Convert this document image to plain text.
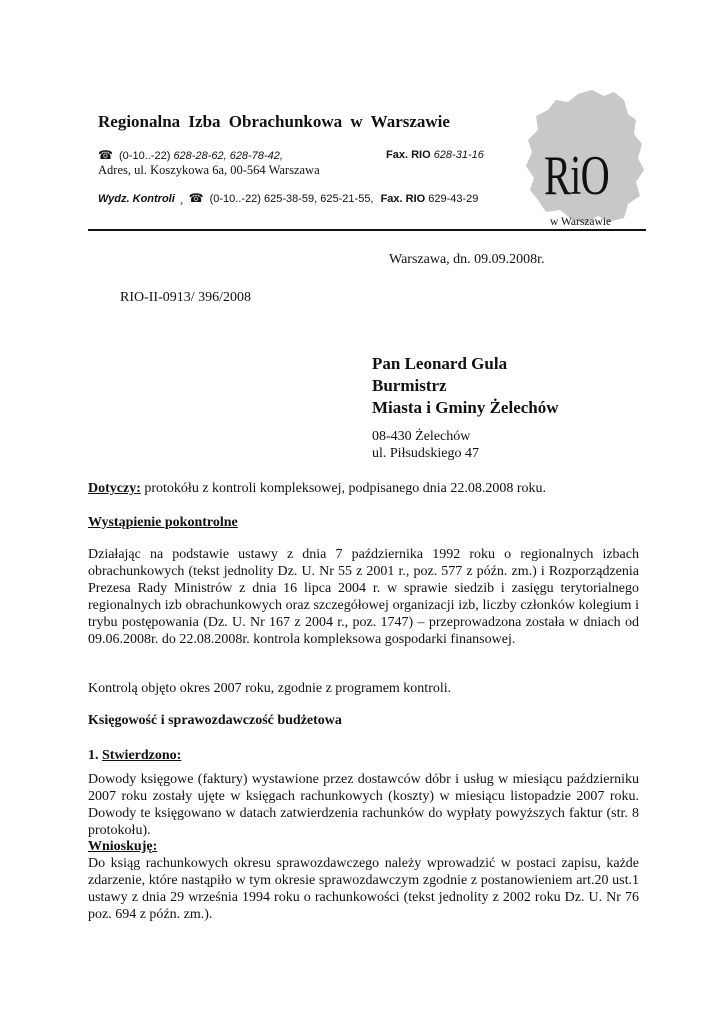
Regionalna Izba Obrachunkowa w Warszawie
☎ (0-10..-22) 628-28-62, 628-78-42,	Fax. RIO 628-31-16
Adres, ul. Koszykowa 6a, 00-564 Warszawa
Wydz. Kontroli ¸ ☎ (0-10..-22) 625-38-59, 625-21-55, Fax. RIO 629-43-29 RiO
w Warszawie
Warszawa, dn. 09.09.2008r.
RIO-II-0913/ 396/2008
Pan Leonard Gula
Burmistrz
Miasta i Gminy Żelechów
08-430 Żelechów
ul. Piłsudskiego 47
Dotyczy: protokółu z kontroli kompleksowej, podpisanego dnia 22.08.2008 roku.
Wystąpienie pokontrolne
Działając na podstawie ustawy z dnia 7 października 1992 roku o regionalnych izbach obrachunkowych (tekst jednolity Dz. U. Nr 55 z 2001 r., poz. 577 z późn. zm.) i Rozporządzenia Prezesa Rady Ministrów z dnia 16 lipca 2004 r. w sprawie siedzib i zasięgu terytorialnego regionalnych izb obrachunkowych oraz szczegółowej organizacji izb, liczby członków kolegium i trybu postępowania (Dz. U. Nr 167 z 2004 r., poz. 1747) – przeprowadzona została w dniach od 09.06.2008r. do 22.08.2008r. kontrola kompleksowa gospodarki finansowej.
Kontrolą objęto okres 2007 roku, zgodnie z programem kontroli.
Księgowość i sprawozdawczość budżetowa
1. Stwierdzono:
Dowody księgowe (faktury) wystawione przez dostawców dóbr i usług w miesiącu październiku 2007 roku zostały ujęte w księgach rachunkowych (koszty) w miesiącu listopadzie 2007 roku. Dowody te księgowano w datach zatwierdzenia rachunków do wypłaty powyższych faktur (str. 8 protokołu).
Wnioskuję:
Do ksiąg rachunkowych okresu sprawozdawczego należy wprowadzić w postaci zapisu, każde zdarzenie, które nastąpiło w tym okresie sprawozdawczym zgodnie z postanowieniem art.20 ust.1 ustawy z dnia 29 września 1994 roku o rachunkowości (tekst jednolity z 2002 roku Dz. U. Nr 76 poz. 694 z późn. zm.).
